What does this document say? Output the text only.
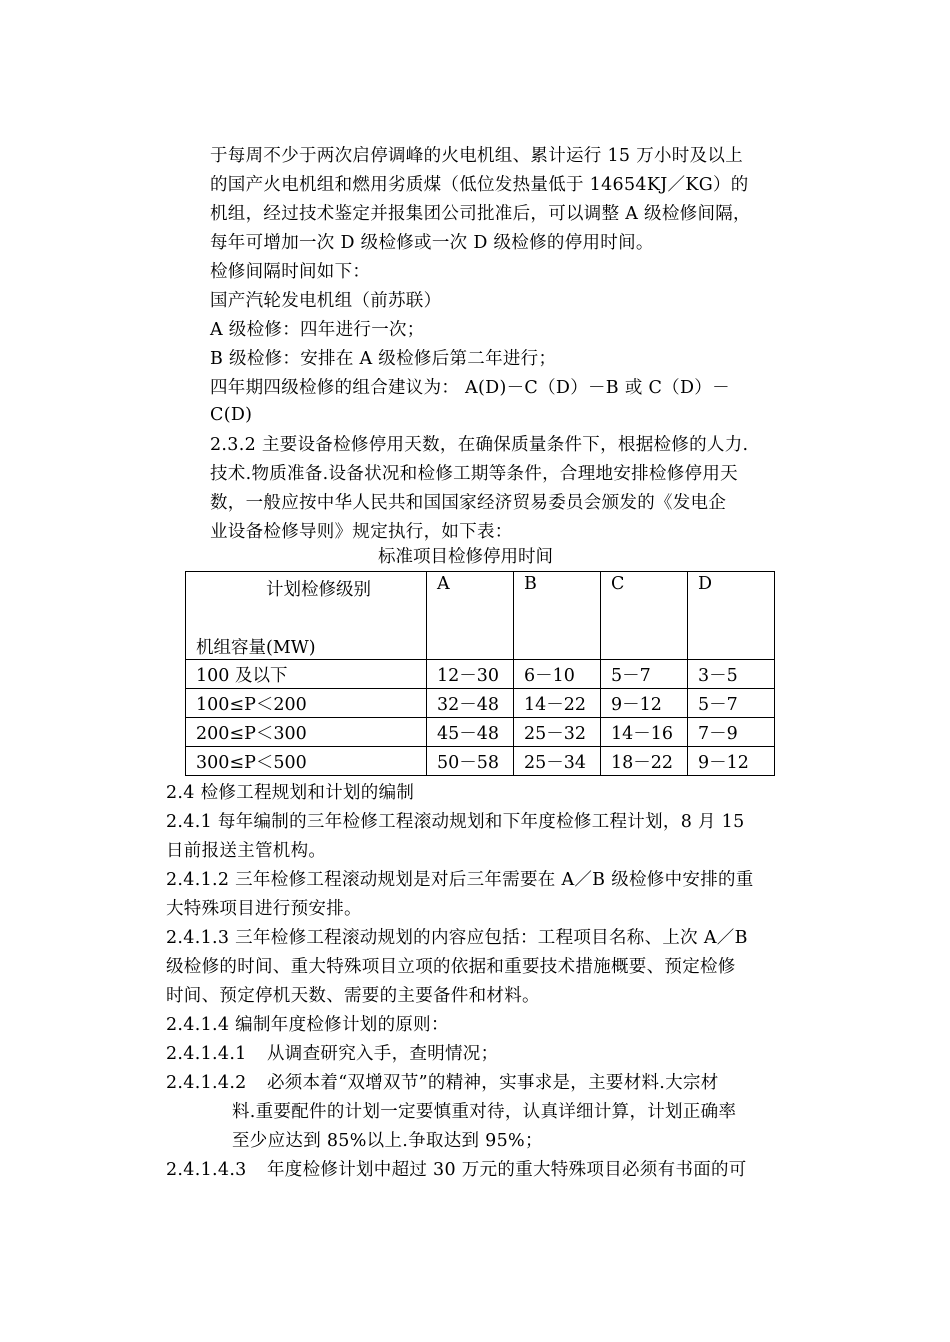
于每周不少于两次启停调峰的火电机组、累计运行 15 万小时及以上
的国产火电机组和燃用劣质煤（低位发热量低于 14654KJ／KG）的
机组，经过技术鉴定并报集团公司批准后，可以调整 A 级检修间隔，
每年可增加一次 D 级检修或一次 D 级检修的停用时间。
检修间隔时间如下：
国产汽轮发电机组（前苏联）
A 级检修：四年进行一次；
B 级检修：安排在 A 级检修后第二年进行；
四年期四级检修的组合建议为： A(D)－C（D）－B 或 C（D）－
C(D)
2.3.2 主要设备检修停用天数，在确保质量条件下，根据检修的人力.
技术.物质准备.设备状况和检修工期等条件，合理地安排检修停用天
数，一般应按中华人民共和国国家经济贸易委员会颁发的《发电企
业设备检修导则》规定执行，如下表：
标准项目检修停用时间
计划检修级别
机组容量(MW)	A	B	C	D
100 及以下	12－30	6－10	5－7	3－5
100≤P＜200	32－48	14－22	9－12	5－7
200≤P＜300	45－48	25－32	14－16	7－9
300≤P＜500	50－58	25－34	18－22	9－12
2.4 检修工程规划和计划的编制
2.4.1 每年编制的三年检修工程滚动规划和下年度检修工程计划，8 月 15
日前报送主管机构。
2.4.1.2 三年检修工程滚动规划是对后三年需要在 A／B 级检修中安排的重
大特殊项目进行预安排。
2.4.1.3 三年检修工程滚动规划的内容应包括：工程项目名称、上次 A／B
级检修的时间、重大特殊项目立项的依据和重要技术措施概要、预定检修
时间、预定停机天数、需要的主要备件和材料。
2.4.1.4 编制年度检修计划的原则：
2.4.1.4.1 从调查研究入手，查明情况；
2.4.1.4.2 必须本着“双增双节”的精神，实事求是，主要材料.大宗材
料.重要配件的计划一定要慎重对待，认真详细计算，计划正确率
至少应达到 85%以上.争取达到 95%；
2.4.1.4.3 年度检修计划中超过 30 万元的重大特殊项目必须有书面的可
